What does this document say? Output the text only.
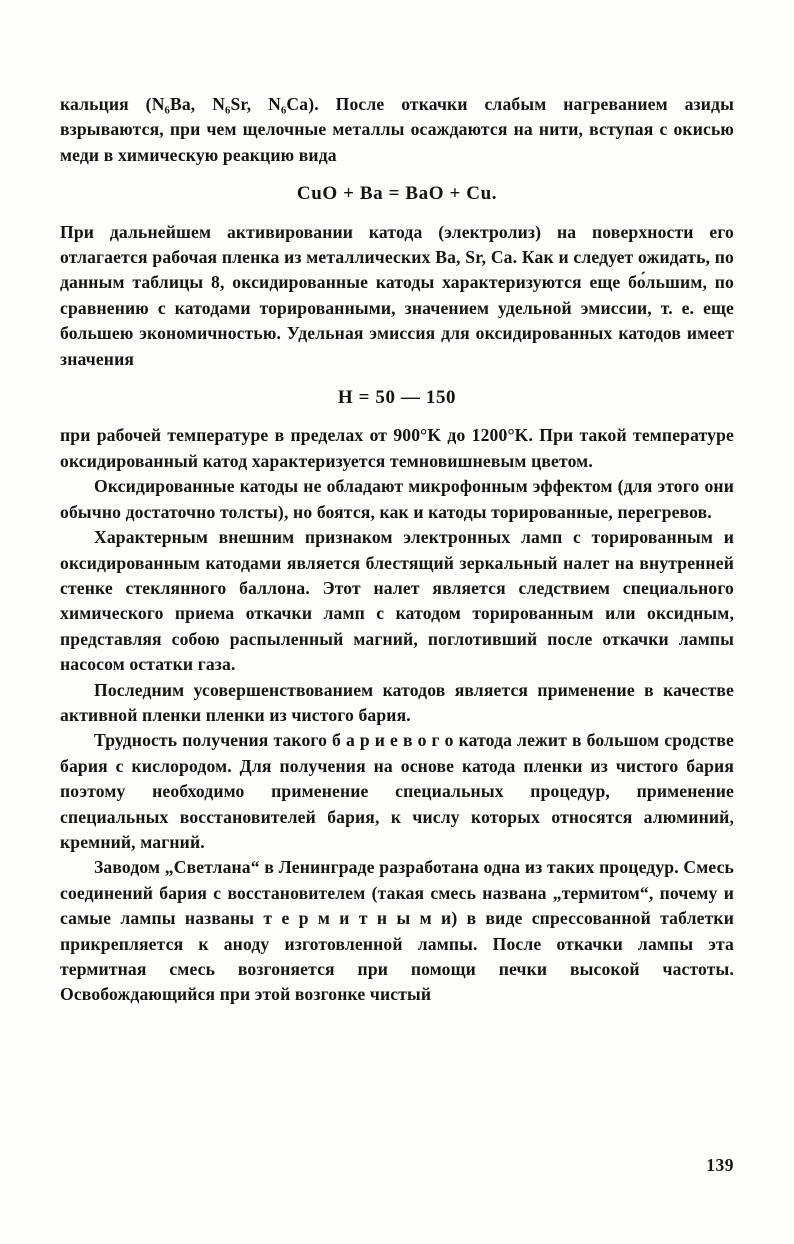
кальция (N₆Ba, N₆Sr, N₆Ca). После откачки слабым нагреванием азиды взрываются, при чем щелочные металлы осаждаются на нити, вступая с окисью меди в химическую реакцию вида

CuO + Ba = BaO + Cu.

При дальнейшем активировании катода (электролиз) на поверхности его отлагается рабочая пленка из металлических Ba, Sr, Ca. Как и следует ожидать, по данным таблицы 8, оксидированные катоды характеризуются еще бо́льшим, по сравнению с катодами торированными, значением удельной эмиссии, т. е. еще большею экономичностью. Удельная эмиссия для оксидированных катодов имеет значения

H = 50 — 150

при рабочей температуре в пределах от 900°K до 1200°K. При такой температуре оксидированный катод характеризуется темновишневым цветом.

Оксидированные катоды не обладают микрофонным эффектом (для этого они обычно достаточно толсты), но боятся, как и катоды торированные, перегревов.

Характерным внешним признаком электронных ламп с торированным и оксидированным катодами является блестящий зеркальный налет на внутренней стенке стеклянного баллона. Этот налет является следствием специального химического приема откачки ламп с катодом торированным или оксидным, представляя собою распыленный магний, поглотивший после откачки лампы насосом остатки газа.

Последним усовершенствованием катодов является применение в качестве активной пленки пленки из чистого бария.

Трудность получения такого б а р и е в о г о катода лежит в большом сродстве бария с кислородом. Для получения на основе катода пленки из чистого бария поэтому необходимо применение специальных процедур, применение специальных восстановителей бария, к числу которых относятся алюминий, кремний, магний.

Заводом „Светлана“ в Ленинграде разработана одна из таких процедур. Смесь соединений бария с восстановителем (такая смесь названа „термитом“, почему и самые лампы названы т е р м и т н ы м и) в виде спрессованной таблетки прикрепляется к аноду изготовленной лампы. После откачки лампы эта термитная смесь возгоняется при помощи печки высокой частоты. Освобождающийся при этой возгонке чистый

139
